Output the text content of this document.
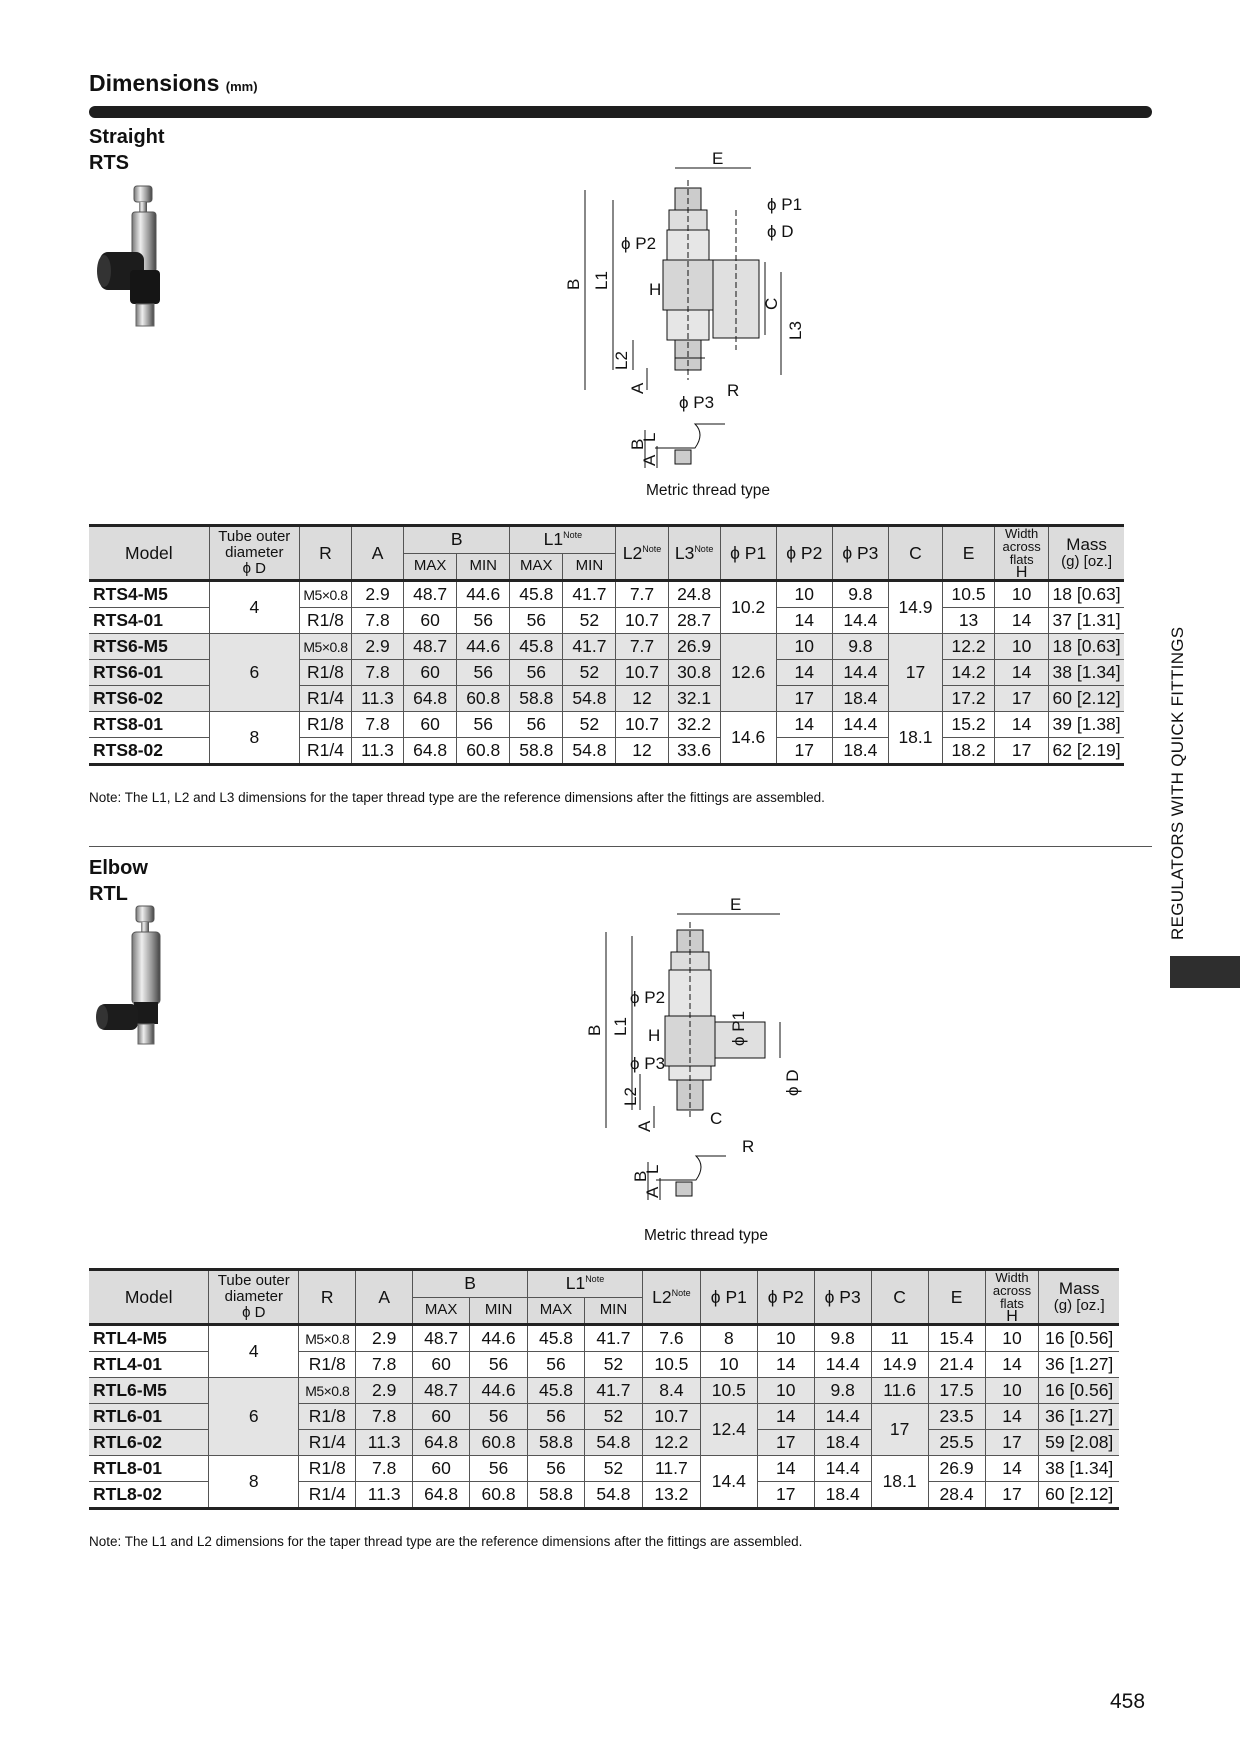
Dimensions (mm)
Straight
RTS	E
ϕ P1
ϕ D
ϕ P2
H
ϕ P3
R
B L1
C
L3
L2
A
B
L
A
Metric thread type
Model	Tube outer
diameter
ϕ D	R	A	B		$L1^{Note}$		$L2^{Note}$	$L3^{Note}$	ϕ P1	ϕ P2	ϕ P3	C	E	Width
across
flats
H	Mass
(g) [oz.]
				MAX	MIN	MAX	MIN									
RTS4-M5	4	M5×0.8	2.9	48.7	44.6	45.8	41.7	7.7	24.8	10.2	10	9.8	14.9	10.5	10	18 [0.63]
RTS4-01		R1/8	7.8	60	56	56	52	10.7	28.7		14	14.4		13	14	37 [1.31]
RTS6-M5	6	M5×0.8	2.9	48.7	44.6	45.8	41.7	7.7	26.9	12.6	10	9.8	17	12.2	10	18 [0.63]
RTS6-01		R1/8	7.8	60	56	56	52	10.7	30.8		14	14.4		14.2	14	38 [1.34]
RTS6-02		R1/4	11.3	64.8	60.8	58.8	54.8	12	32.1		17	18.4		17.2	17	60 [2.12]
RTS8-01	8	R1/8	7.8	60	56	56	52	10.7	32.2	14.6	14	14.4	18.1	15.2	14	39 [1.38]
RTS8-02		R1/4	11.3	64.8	60.8	58.8	54.8	12	33.6		17	18.4		18.2	17	62 [2.19]
Note: The L1, L2 and L3 dimensions for the taper thread type are the reference dimensions after the fittings are assembled.
Elbow
RTL	E
ϕ P2
H
ϕ P3
C
R
B L1	ϕ P1
ϕ D
L2
A
B
L
A
Metric thread type
Model	Tube outer
diameter
ϕ D	R	A	B		$L1^{Note}$		$L2^{Note}$	ϕ P1	ϕ P2	ϕ P3	C	E	Width
across
flats
H	Mass
(g) [oz.]
				MAX	MIN	MAX	MIN								
RTL4-M5	4	M5×0.8	2.9	48.7	44.6	45.8	41.7	7.6	8	10	9.8	11	15.4	10	16 [0.56]
RTL4-01		R1/8	7.8	60	56	56	52	10.5	10	14	14.4	14.9	21.4	14	36 [1.27]
RTL6-M5	6	M5×0.8	2.9	48.7	44.6	45.8	41.7	8.4	10.5	10	9.8	11.6	17.5	10	16 [0.56]
RTL6-01		R1/8	7.8	60	56	56	52	10.7	12.4	14	14.4	17	23.5	14	36 [1.27]
RTL6-02		R1/4	11.3	64.8	60.8	58.8	54.8	12.2		17	18.4		25.5	17	59 [2.08]
RTL8-01	8	R1/8	7.8	60	56	56	52	11.7	14.4	14	14.4	18.1	26.9	14	38 [1.34]
RTL8-02		R1/4	11.3	64.8	60.8	58.8	54.8	13.2		17	18.4		28.4	17	60 [2.12]
Note: The L1 and L2 dimensions for the taper thread type are the reference dimensions after the fittings are assembled.
REGULATORS WITH QUICK FITTINGS
458
